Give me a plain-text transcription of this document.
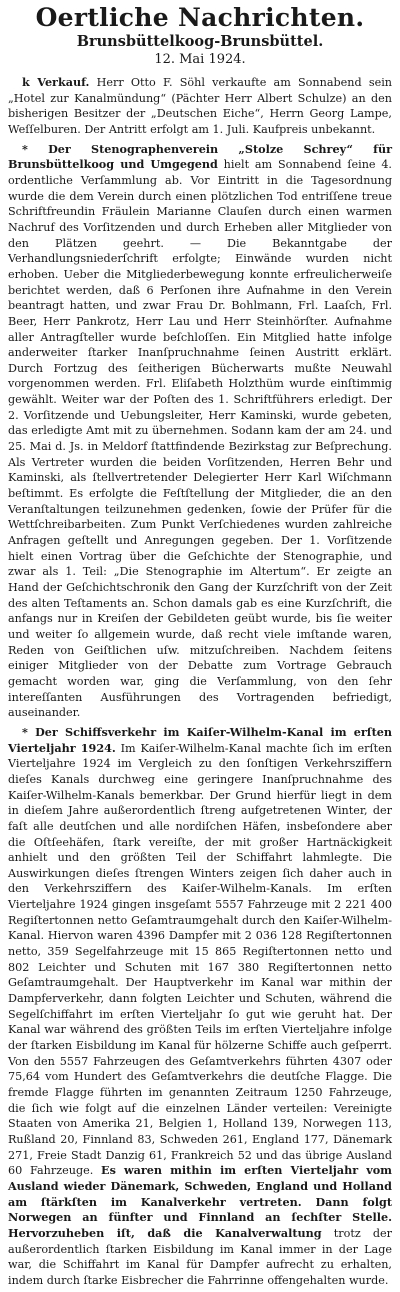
Oertliche Nachrichten.
Brunsbüttelkoog-Brunsbüttel.
12. Mai 1924.

k Verkauf. Herr Otto F. Söhl verkaufte am Sonnabend sein „Hotel zur Kanalmündung“ (Pächter Herr Albert Schulze) an den bisherigen Besitzer der „Deutschen Eiche“, Herrn Georg Lampe, Weſſelburen. Der Antritt erfolgt am 1. Juli. Kaufpreis unbekannt.

* Der Stenographenverein „Stolze Schrey“ für Brunsbüttelkoog und Umgegend hielt am Sonnabend ſeine 4. ordentliche Verſammlung ab. Vor Eintritt in die Tagesordnung wurde die dem Verein durch einen plötzlichen Tod entriſſene treue Schriftfreundin Fräulein Marianne Clauſen durch einen warmen Nachruf des Vorſitzenden und durch Erheben aller Mitglieder von den Plätzen geehrt. — Die Bekanntgabe der Verhandlungsniederſchrift erfolgte; Einwände wurden nicht erhoben. Ueber die Mitgliederbewegung konnte erfreulicherweiſe berichtet werden, daß 6 Perſonen ihre Aufnahme in den Verein beantragt hatten, und zwar Frau Dr. Bohlmann, Frl. Laaſch, Frl. Beer, Herr Pankrotz, Herr Lau und Herr Steinhörſter. Aufnahme aller Antragſteller wurde beſchloſſen. Ein Mitglied hatte infolge anderweiter ſtarker Inanſpruchnahme ſeinen Austritt erklärt. Durch Fortzug des ſeitherigen Bücherwarts mußte Neuwahl vorgenommen werden. Frl. Eliſabeth Holzthüm wurde einſtimmig gewählt. Weiter war der Poſten des 1. Schriftführers erledigt. Der 2. Vorſitzende und Uebungsleiter, Herr Kaminski, wurde gebeten, das erledigte Amt mit zu übernehmen. Sodann kam der am 24. und 25. Mai d. Js. in Meldorf ſtattfindende Bezirkstag zur Beſprechung. Als Vertreter wurden die beiden Vorſitzenden, Herren Behr und Kaminski, als ſtellvertretender Delegierter Herr Karl Wiſchmann beſtimmt. Es erfolgte die Feſtſtellung der Mitglieder, die an den Veranſtaltungen teilzunehmen gedenken, ſowie der Prüfer für die Wettſchreibarbeiten. Zum Punkt Verſchiedenes wurden zahlreiche Anfragen geſtellt und Anregungen gegeben. Der 1. Vorſitzende hielt einen Vortrag über die Geſchichte der Stenographie, und zwar als 1. Teil: „Die Stenographie im Altertum“. Er zeigte an Hand der Geſchichtschronik den Gang der Kurzſchrift von der Zeit des alten Teſtaments an. Schon damals gab es eine Kurzſchrift, die anfangs nur in Kreiſen der Gebildeten geübt wurde, bis ſie weiter und weiter ſo allgemein wurde, daß recht viele imſtande waren, Reden von Geiſtlichen uſw. mitzuſchreiben. Nachdem ſeitens einiger Mitglieder von der Debatte zum Vortrage Gebrauch gemacht worden war, ging die Verſammlung, von den ſehr intereſſanten Ausführungen des Vortragenden befriedigt, auseinander.

* Der Schiffsverkehr im Kaiſer-Wilhelm-Kanal im erſten Vierteljahr 1924. Im Kaiſer-Wilhelm-Kanal machte ſich im erſten Vierteljahre 1924 im Vergleich zu den ſonſtigen Verkehrsziffern dieſes Kanals durchweg eine geringere Inanſpruchnahme des Kaiſer-Wilhelm-Kanals bemerkbar. Der Grund hierfür liegt in dem in dieſem Jahre außerordentlich ſtreng aufgetretenen Winter, der faſt alle deutſchen und alle nordiſchen Häfen, insbeſondere aber die Oſtſeehäfen, ſtark vereiſte, der mit großer Hartnäckigkeit anhielt und den größten Teil der Schiffahrt lahmlegte. Die Auswirkungen dieſes ſtrengen Winters zeigen ſich daher auch in den Verkehrsziffern des Kaiſer-Wilhelm-Kanals. Im erſten Vierteljahre 1924 gingen insgeſamt 5557 Fahrzeuge mit 2 221 400 Regiſtertonnen netto Geſamtraumgehalt durch den Kaiſer-Wilhelm-Kanal. Hiervon waren 4396 Dampfer mit 2 036 128 Regiſtertonnen netto, 359 Segelfahrzeuge mit 15 865 Regiſtertonnen netto und 802 Leichter und Schuten mit 167 380 Regiſtertonnen netto Geſamtraumgehalt. Der Hauptverkehr im Kanal war mithin der Dampferverkehr, dann folgten Leichter und Schuten, während die Segelſchiffahrt im erſten Vierteljahr ſo gut wie geruht hat. Der Kanal war während des größten Teils im erſten Vierteljahre infolge der ſtarken Eisbildung im Kanal für hölzerne Schiffe auch geſperrt. Von den 5557 Fahrzeugen des Geſamtverkehrs führten 4307 oder 75,64 vom Hundert des Geſamtverkehrs die deutſche Flagge. Die fremde Flagge führten im genannten Zeitraum 1250 Fahrzeuge, die ſich wie folgt auf die einzelnen Länder verteilen: Vereinigte Staaten von Amerika 21, Belgien 1, Holland 139, Norwegen 113, Rußland 20, Finnland 83, Schweden 261, England 177, Dänemark 271, Freie Stadt Danzig 61, Frankreich 52 und das übrige Ausland 60 Fahrzeuge. Es waren mithin im erſten Vierteljahr vom Ausland wieder Dänemark, Schweden, England und Holland am ſtärkſten im Kanalverkehr vertreten. Dann folgt Norwegen an fünfter und Finnland an ſechſter Stelle. Hervorzuheben iſt, daß die Kanalverwaltung trotz der außerordentlich ſtarken Eisbildung im Kanal immer in der Lage war, die Schiffahrt im Kanal für Dampfer aufrecht zu erhalten, indem durch ſtarke Eisbrecher die Fahrrinne offengehalten wurde.
